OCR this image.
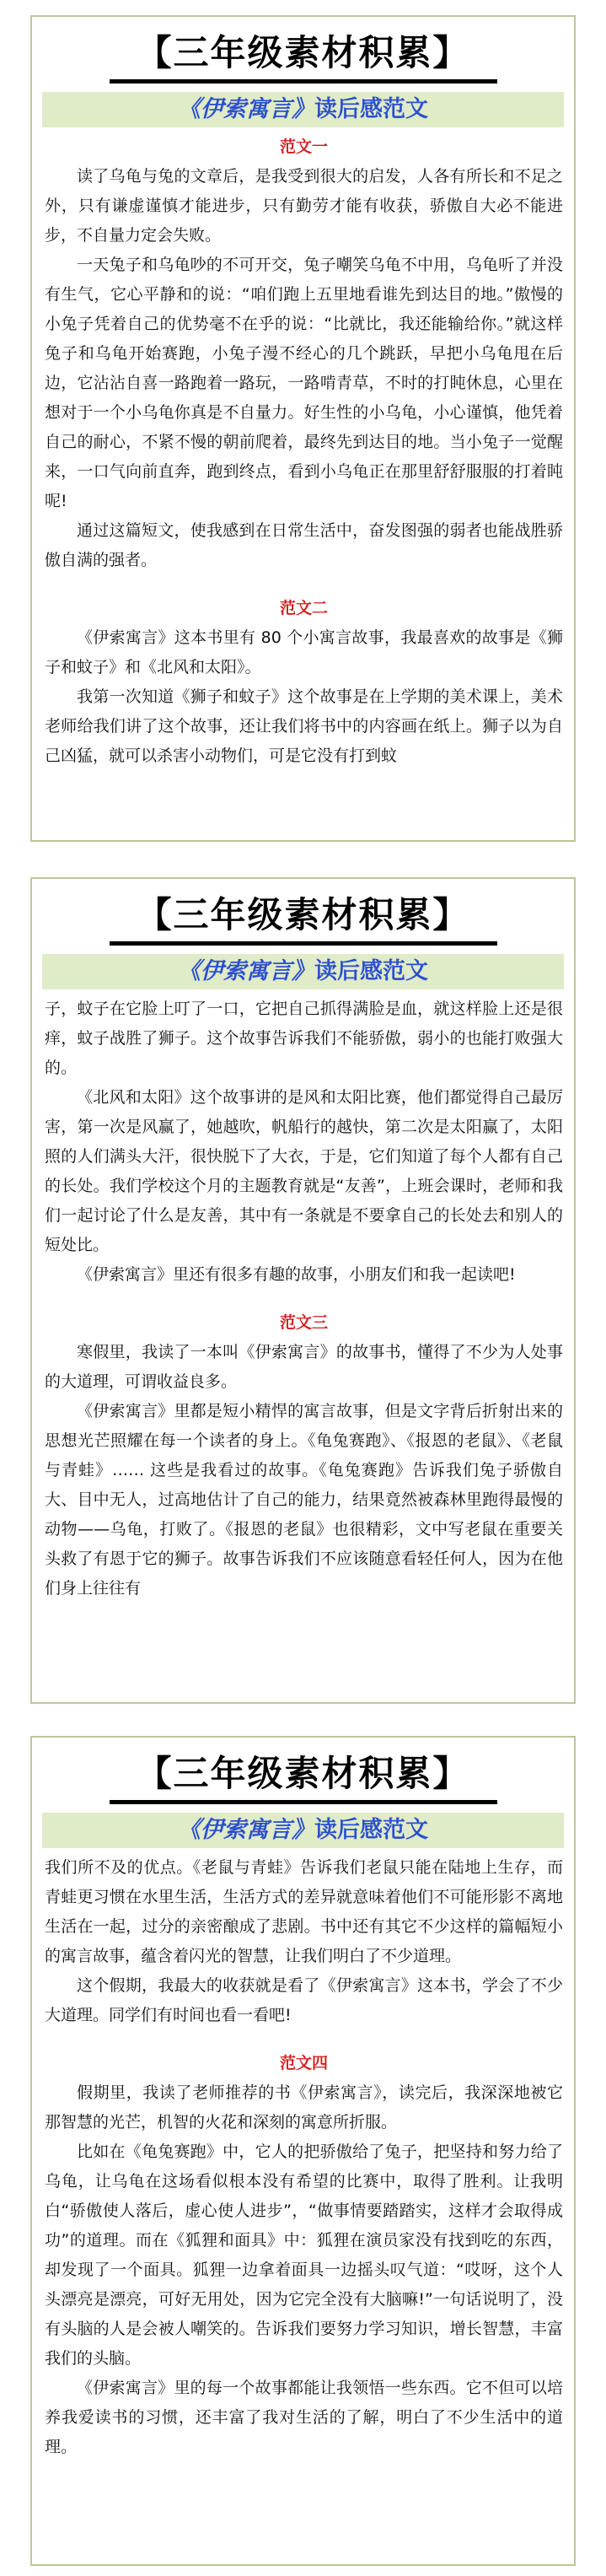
【三年级素材积累】
《伊索寓言》读后感范文
范文一

读了乌龟与兔的文章后，是我受到很大的启发，人各有所长和不足之外，只有谦虚谨慎才能进步，只有勤劳才能有收获，骄傲自大必不能进步，不自量力定会失败。

一天兔子和乌龟吵的不可开交，兔子嘲笑乌龟不中用，乌龟听了并没有生气，它心平静和的说：“咱们跑上五里地看谁先到达目的地。”傲慢的小兔子凭着自己的优势毫不在乎的说：“比就比，我还能输给你。”就这样兔子和乌龟开始赛跑，小兔子漫不经心的几个跳跃，早把小乌龟甩在后边，它沾沾自喜一路跑着一路玩，一路啃青草，不时的打盹休息，心里在想对于一个小乌龟你真是不自量力。好生性的小乌龟，小心谨慎，他凭着自己的耐心，不紧不慢的朝前爬着，最终先到达目的地。当小兔子一觉醒来，一口气向前直奔，跑到终点，看到小乌龟正在那里舒舒服服的打着盹呢!

通过这篇短文，使我感到在日常生活中，奋发图强的弱者也能战胜骄傲自满的强者。

范文二

《伊索寓言》这本书里有 80 个小寓言故事，我最喜欢的故事是《狮子和蚊子》和《北风和太阳》。

我第一次知道《狮子和蚊子》这个故事是在上学期的美术课上，美术老师给我们讲了这个故事，还让我们将书中的内容画在纸上。狮子以为自己凶猛，就可以杀害小动物们，可是它没有打到蚊

【三年级素材积累】
《伊索寓言》读后感范文

子，蚊子在它脸上叮了一口，它把自己抓得满脸是血，就这样脸上还是很痒，蚊子战胜了狮子。这个故事告诉我们不能骄傲，弱小的也能打败强大的。

《北风和太阳》这个故事讲的是风和太阳比赛，他们都觉得自己最厉害，第一次是风赢了，她越吹，帆船行的越快，第二次是太阳赢了，太阳照的人们满头大汗，很快脱下了大衣，于是，它们知道了每个人都有自己的长处。我们学校这个月的主题教育就是“友善”，上班会课时，老师和我们一起讨论了什么是友善，其中有一条就是不要拿自己的长处去和别人的短处比。

《伊索寓言》里还有很多有趣的故事，小朋友们和我一起读吧!

范文三

寒假里，我读了一本叫《伊索寓言》的故事书，懂得了不少为人处事的大道理，可谓收益良多。

《伊索寓言》里都是短小精悍的寓言故事，但是文字背后折射出来的思想光芒照耀在每一个读者的身上。《龟兔赛跑》、《报恩的老鼠》、《老鼠与青蛙》…… 这些是我看过的故事。《龟兔赛跑》告诉我们兔子骄傲自大、目中无人，过高地估计了自己的能力，结果竟然被森林里跑得最慢的动物——乌龟，打败了。《报恩的老鼠》也很精彩，文中写老鼠在重要关头救了有恩于它的狮子。故事告诉我们不应该随意看轻任何人，因为在他们身上往往有

【三年级素材积累】
《伊索寓言》读后感范文

我们所不及的优点。《老鼠与青蛙》告诉我们老鼠只能在陆地上生存，而青蛙更习惯在水里生活，生活方式的差异就意味着他们不可能形影不离地生活在一起，过分的亲密酿成了悲剧。书中还有其它不少这样的篇幅短小的寓言故事，蕴含着闪光的智慧，让我们明白了不少道理。

这个假期，我最大的收获就是看了《伊索寓言》这本书，学会了不少大道理。同学们有时间也看一看吧!

范文四

假期里，我读了老师推荐的书《伊索寓言》，读完后，我深深地被它那智慧的光芒，机智的火花和深刻的寓意所折服。

比如在《龟兔赛跑》中，它人的把骄傲给了兔子，把坚持和努力给了乌龟，让乌龟在这场看似根本没有希望的比赛中，取得了胜利。让我明白“骄傲使人落后，虚心使人进步”，“做事情要踏踏实，这样才会取得成功”的道理。而在《狐狸和面具》中：狐狸在演员家没有找到吃的东西，却发现了一个面具。狐狸一边拿着面具一边摇头叹气道：“哎呀，这个人头漂亮是漂亮，可好无用处，因为它完全没有大脑嘛!”一句话说明了，没有头脑的人是会被人嘲笑的。告诉我们要努力学习知识，增长智慧，丰富我们的头脑。

《伊索寓言》里的每一个故事都能让我领悟一些东西。它不但可以培养我爱读书的习惯，还丰富了我对生活的了解，明白了不少生活中的道理。
